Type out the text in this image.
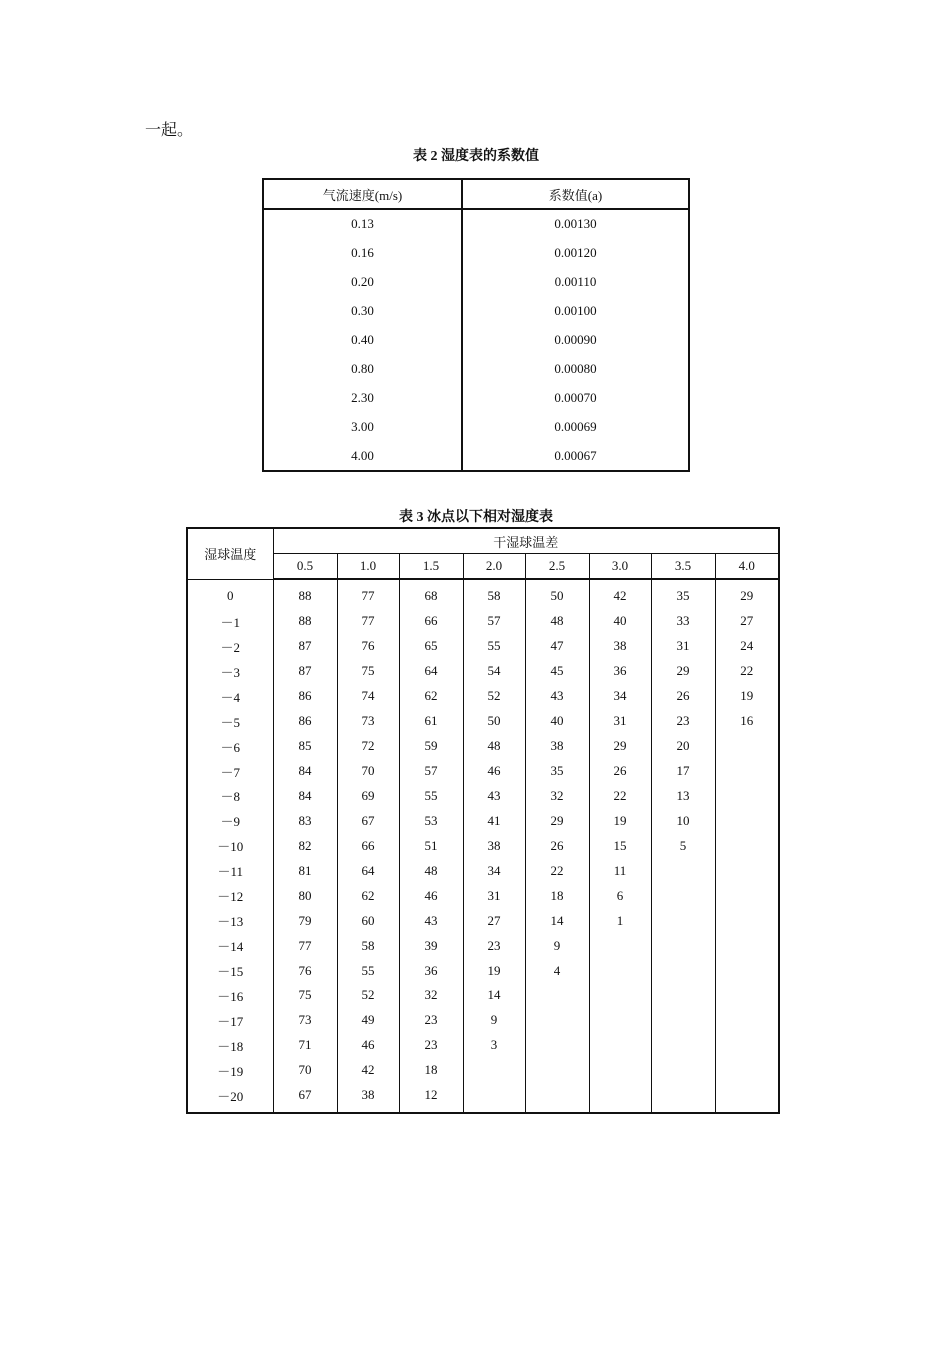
一起。
表 2 湿度表的系数值
气流速度(m/s)	系数值(a)
0.13	0.00130
0.16	0.00120
0.20	0.00110
0.30	0.00100
0.40	0.00090
0.80	0.00080
2.30	0.00070
3.00	0.00069
4.00	0.00067
表 3 冰点以下相对湿度表
湿球温度	干湿球温差							
	0.5	1.0	1.5	2.0	2.5	3.0	3.5	4.0
0	88	77	68	58	50	42	35	29
－1	88	77	66	57	48	40	33	27
－2	87	76	65	55	47	38	31	24
－3	87	75	64	54	45	36	29	22
－4	86	74	62	52	43	34	26	19
－5	86	73	61	50	40	31	23	16
－6	85	72	59	48	38	29	20	
－7	84	70	57	46	35	26	17	
－8	84	69	55	43	32	22	13	
－9	83	67	53	41	29	19	10	
－10	82	66	51	38	26	15	5	
－11	81	64	48	34	22	11		
－12	80	62	46	31	18	6		
－13	79	60	43	27	14	1		
－14	77	58	39	23	9			
－15	76	55	36	19	4			
－16	75	52	32	14				
－17	73	49	23	9				
－18	71	46	23	3				
－19	70	42	18					
－20	67	38	12					
